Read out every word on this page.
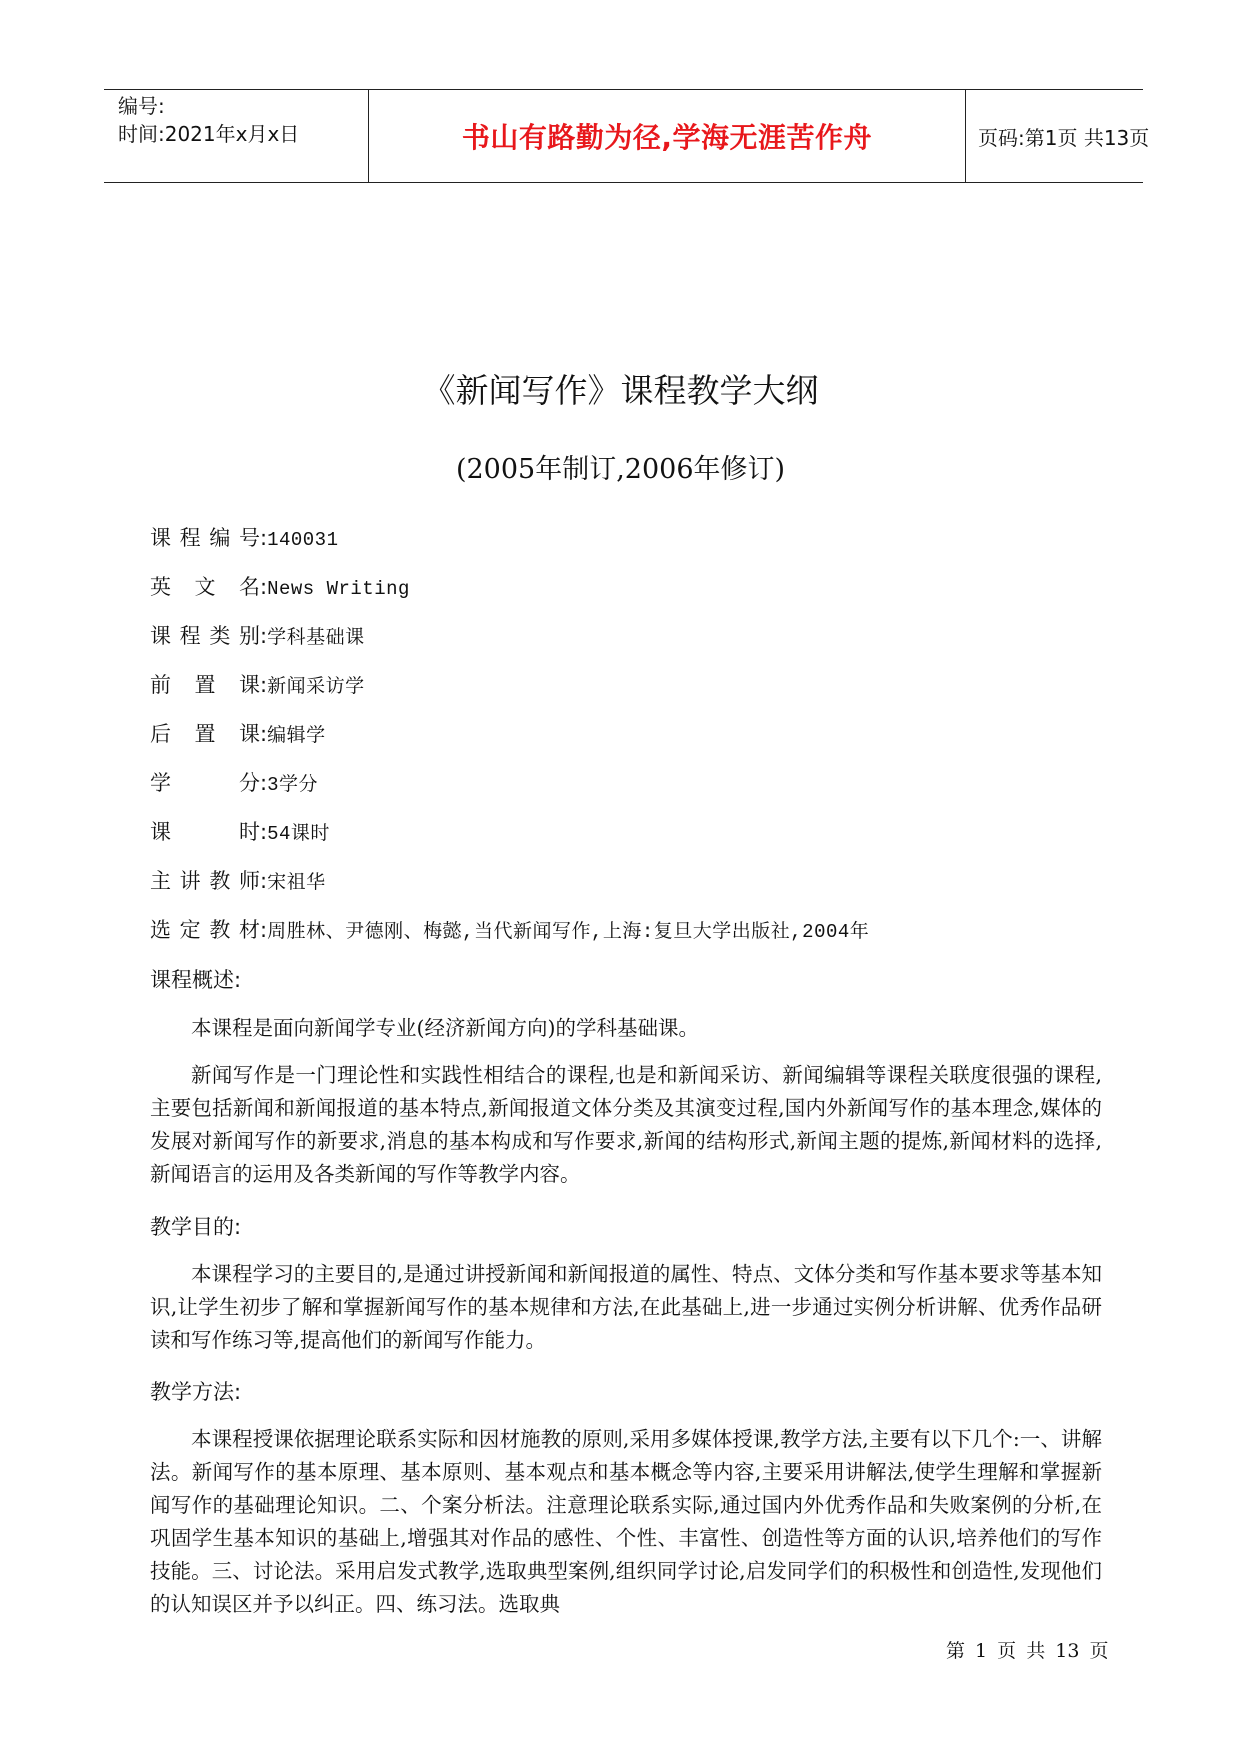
编号:
时间:2021年x月x日	书山有路勤为径,学海无涯苦作舟	页码:第1页 共13页
《新闻写作》课程教学大纲
(2005年制订,2006年修订)
课程编号:140031
英文名:News Writing
课程类别:学科基础课
前置课:新闻采访学
后置课:编辑学
学分:3学分
课时:54课时
主讲教师:宋祖华
选定教材:周胜林、尹德刚、梅懿,当代新闻写作,上海:复旦大学出版社,2004年
课程概述:

本课程是面向新闻学专业(经济新闻方向)的学科基础课。

新闻写作是一门理论性和实践性相结合的课程,也是和新闻采访、新闻编辑等课程关联度很强的课程,主要包括新闻和新闻报道的基本特点,新闻报道文体分类及其演变过程,国内外新闻写作的基本理念,媒体的发展对新闻写作的新要求,消息的基本构成和写作要求,新闻的结构形式,新闻主题的提炼,新闻材料的选择,新闻语言的运用及各类新闻的写作等教学内容。

教学目的:

本课程学习的主要目的,是通过讲授新闻和新闻报道的属性、特点、文体分类和写作基本要求等基本知识,让学生初步了解和掌握新闻写作的基本规律和方法,在此基础上,进一步通过实例分析讲解、优秀作品研读和写作练习等,提高他们的新闻写作能力。

教学方法:

本课程授课依据理论联系实际和因材施教的原则,采用多媒体授课,教学方法,主要有以下几个:一、讲解法。新闻写作的基本原理、基本原则、基本观点和基本概念等内容,主要采用讲解法,使学生理解和掌握新闻写作的基础理论知识。二、个案分析法。注意理论联系实际,通过国内外优秀作品和失败案例的分析,在巩固学生基本知识的基础上,增强其对作品的感性、个性、丰富性、创造性等方面的认识,培养他们的写作技能。三、讨论法。采用启发式教学,选取典型案例,组织同学讨论,启发同学们的积极性和创造性,发现他们的认知误区并予以纠正。四、练习法。选取典

第 1 页 共 13 页
